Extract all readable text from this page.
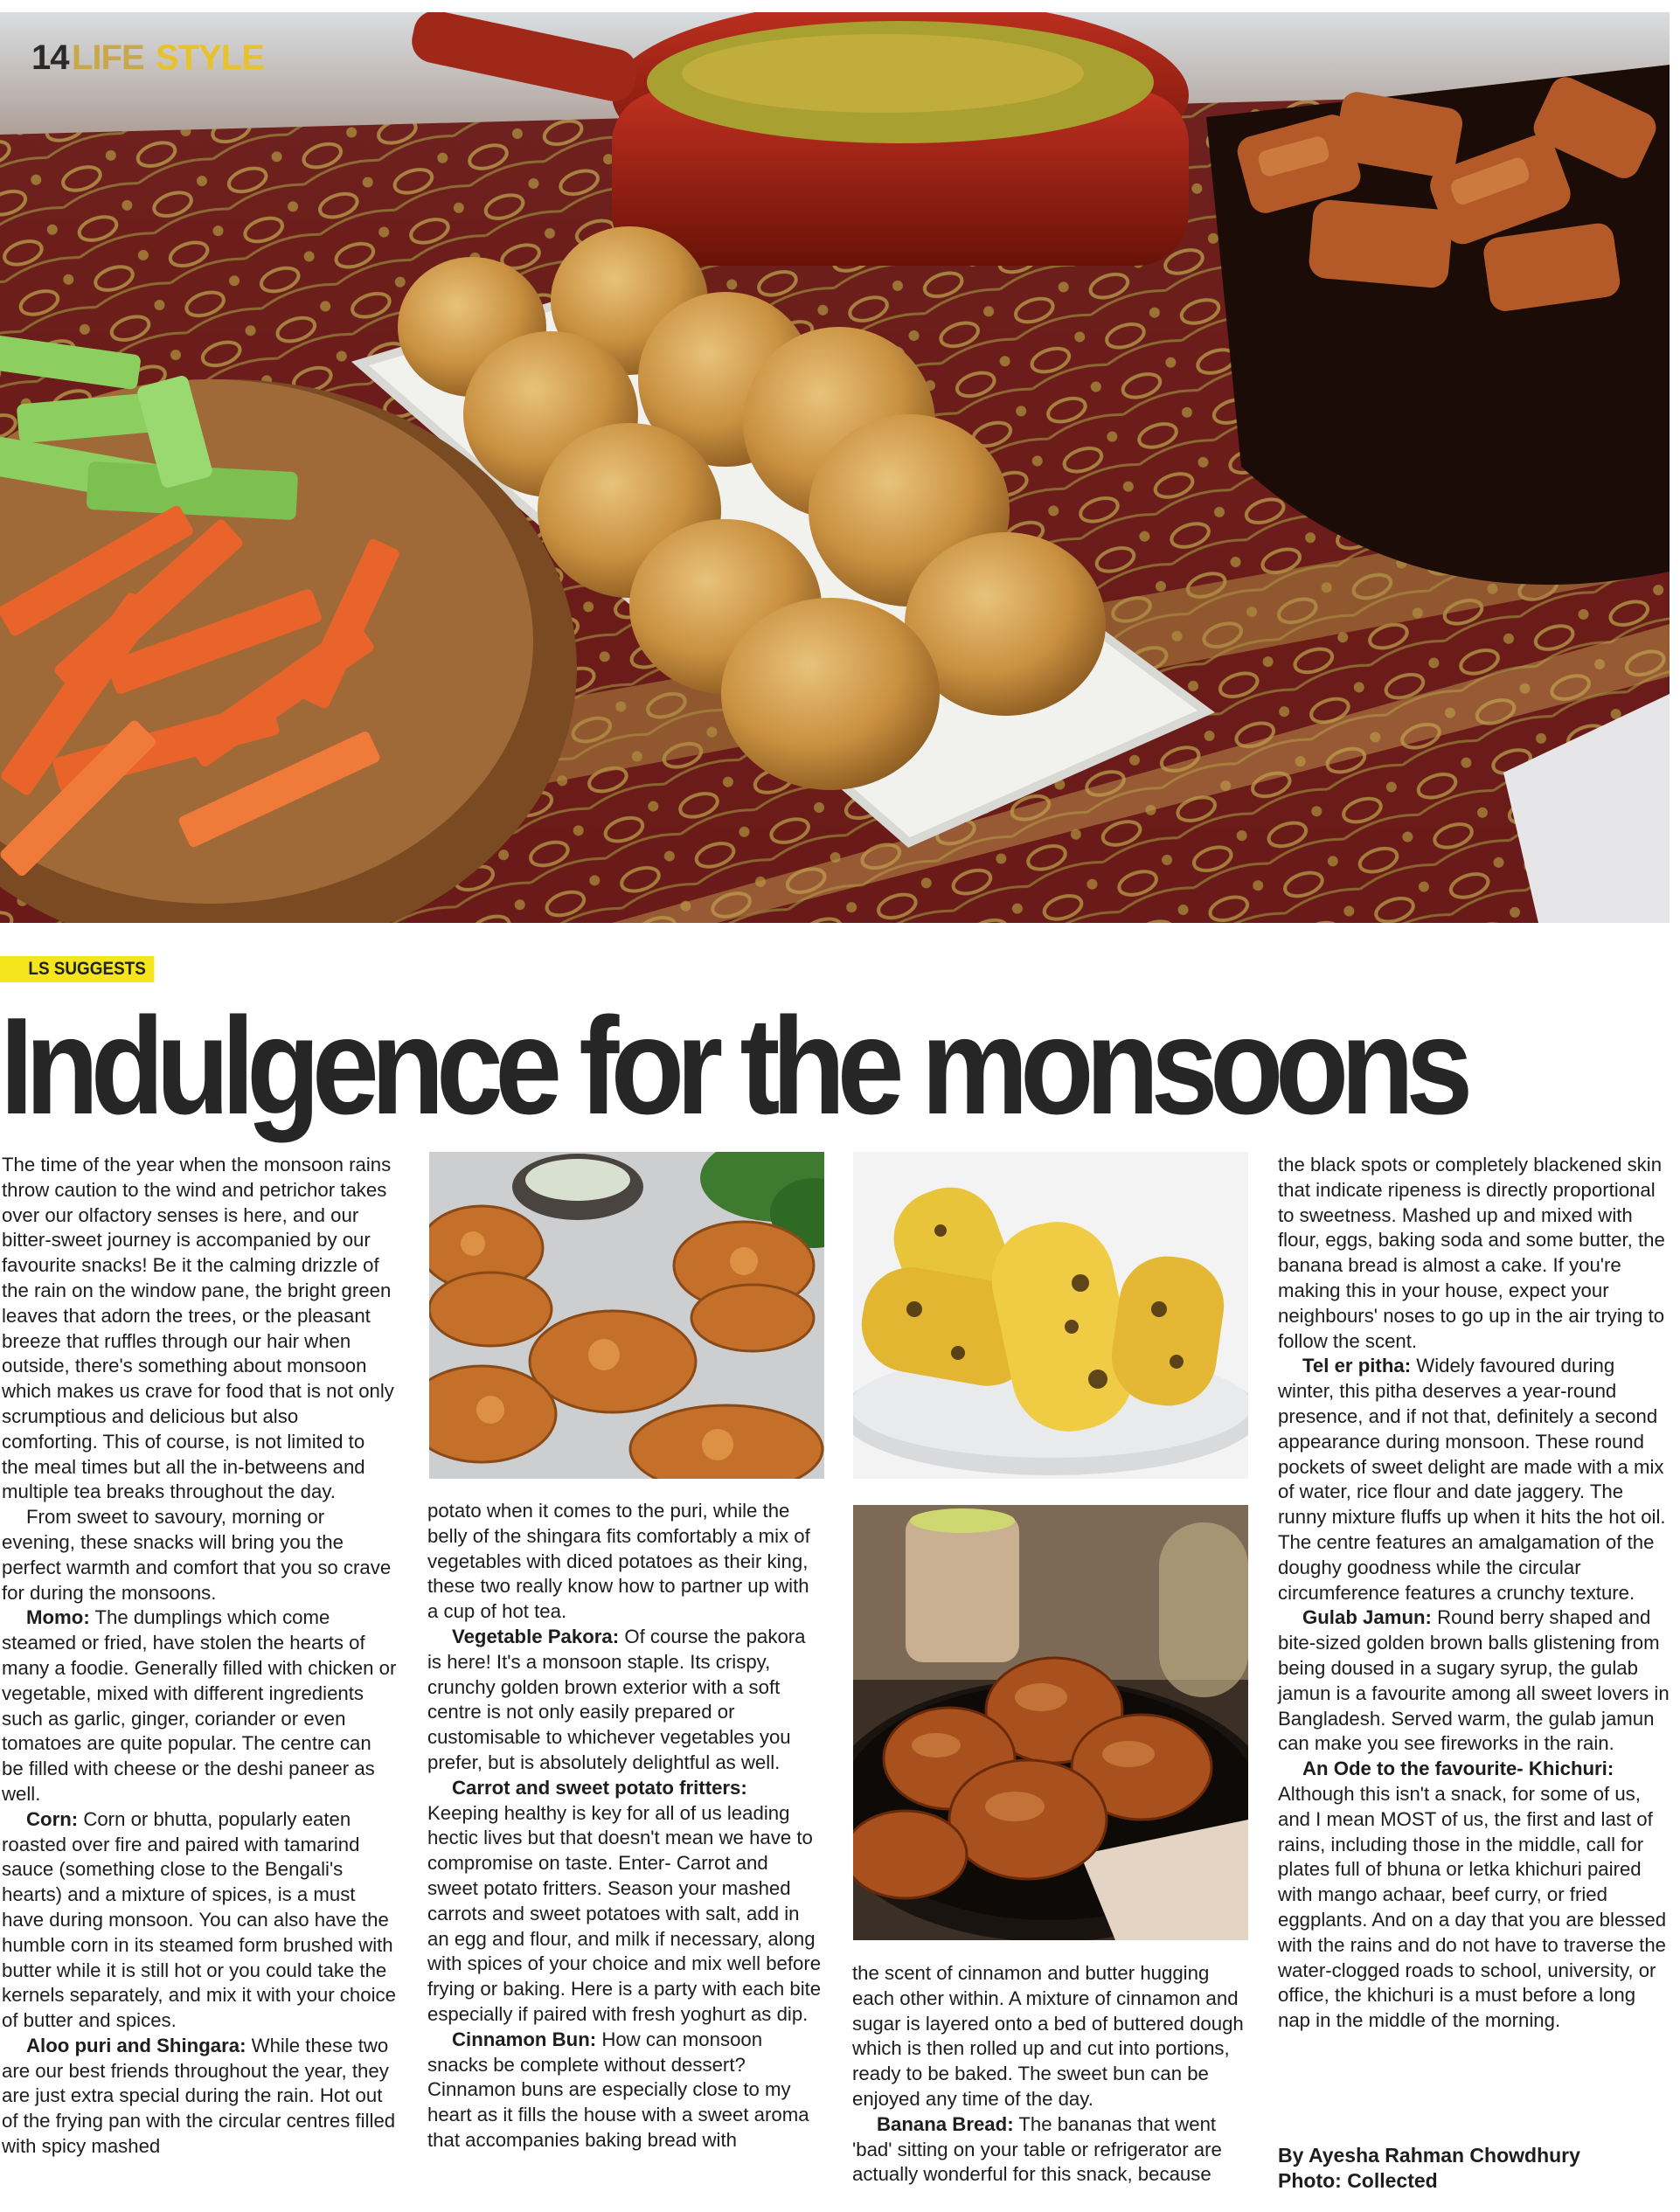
14 LIFE STYLE
LS SUGGESTS
Indulgence for the monsoons

The time of the year when the monsoon rains throw caution to the wind and petrichor takes over our olfactory senses is here, and our bitter-sweet journey is accompanied by our favourite snacks! Be it the calming drizzle of the rain on the window pane, the bright green leaves that adorn the trees, or the pleasant breeze that ruffles through our hair when outside, there's something about monsoon which makes us crave for food that is not only scrumptious and delicious but also comforting. This of course, is not limited to the meal times but all the in-betweens and multiple tea breaks throughout the day.

From sweet to savoury, morning or evening, these snacks will bring you the perfect warmth and comfort that you so crave for during the monsoons.

Momo: The dumplings which come steamed or fried, have stolen the hearts of many a foodie. Generally filled with chicken or vegetable, mixed with different ingredients such as garlic, ginger, coriander or even tomatoes are quite popular. The centre can be filled with cheese or the deshi paneer as well.

Corn: Corn or bhutta, popularly eaten roasted over fire and paired with tamarind sauce (something close to the Bengali's hearts) and a mixture of spices, is a must have during monsoon. You can also have the humble corn in its steamed form brushed with butter while it is still hot or you could take the kernels separately, and mix it with your choice of butter and spices.

Aloo puri and Shingara: While these two are our best friends throughout the year, they are just extra special during the rain. Hot out of the frying pan with the circular centres filled with spicy mashed

potato when it comes to the puri, while the belly of the shingara fits comfortably a mix of vegetables with diced potatoes as their king, these two really know how to partner up with a cup of hot tea.

Vegetable Pakora: Of course the pakora is here! It's a monsoon staple. Its crispy, crunchy golden brown exterior with a soft centre is not only easily prepared or customisable to whichever vegetables you prefer, but is absolutely delightful as well.

Carrot and sweet potato fritters:

Keeping healthy is key for all of us leading hectic lives but that doesn't mean we have to compromise on taste. Enter- Carrot and sweet potato fritters. Season your mashed carrots and sweet potatoes with salt, add in an egg and flour, and milk if necessary, along with spices of your choice and mix well before frying or baking. Here is a party with each bite especially if paired with fresh yoghurt as dip.

Cinnamon Bun: How can monsoon snacks be complete without dessert? Cinnamon buns are especially close to my heart as it fills the house with a sweet aroma that accompanies baking bread with

the scent of cinnamon and butter hugging each other within. A mixture of cinnamon and sugar is layered onto a bed of buttered dough which is then rolled up and cut into portions, ready to be baked. The sweet bun can be enjoyed any time of the day.

Banana Bread: The bananas that went 'bad' sitting on your table or refrigerator are actually wonderful for this snack, because

the black spots or completely blackened skin that indicate ripeness is directly proportional to sweetness. Mashed up and mixed with flour, eggs, baking soda and some butter, the banana bread is almost a cake. If you're making this in your house, expect your neighbours' noses to go up in the air trying to follow the scent.

Tel er pitha: Widely favoured during winter, this pitha deserves a year-round presence, and if not that, definitely a second appearance during monsoon. These round pockets of sweet delight are made with a mix of water, rice flour and date jaggery. The runny mixture fluffs up when it hits the hot oil. The centre features an amalgamation of the doughy goodness while the circular circumference features a crunchy texture.

Gulab Jamun: Round berry shaped and bite-sized golden brown balls glistening from being doused in a sugary syrup, the gulab jamun is a favourite among all sweet lovers in Bangladesh. Served warm, the gulab jamun can make you see fireworks in the rain.

An Ode to the favourite- Khichuri:

Although this isn't a snack, for some of us, and I mean MOST of us, the first and last of rains, including those in the middle, call for plates full of bhuna or letka khichuri paired with mango achaar, beef curry, or fried eggplants. And on a day that you are blessed with the rains and do not have to traverse the water-clogged roads to school, university, or office, the khichuri is a must before a long nap in the middle of the morning.

By Ayesha Rahman Chowdhury
Photo: Collected
